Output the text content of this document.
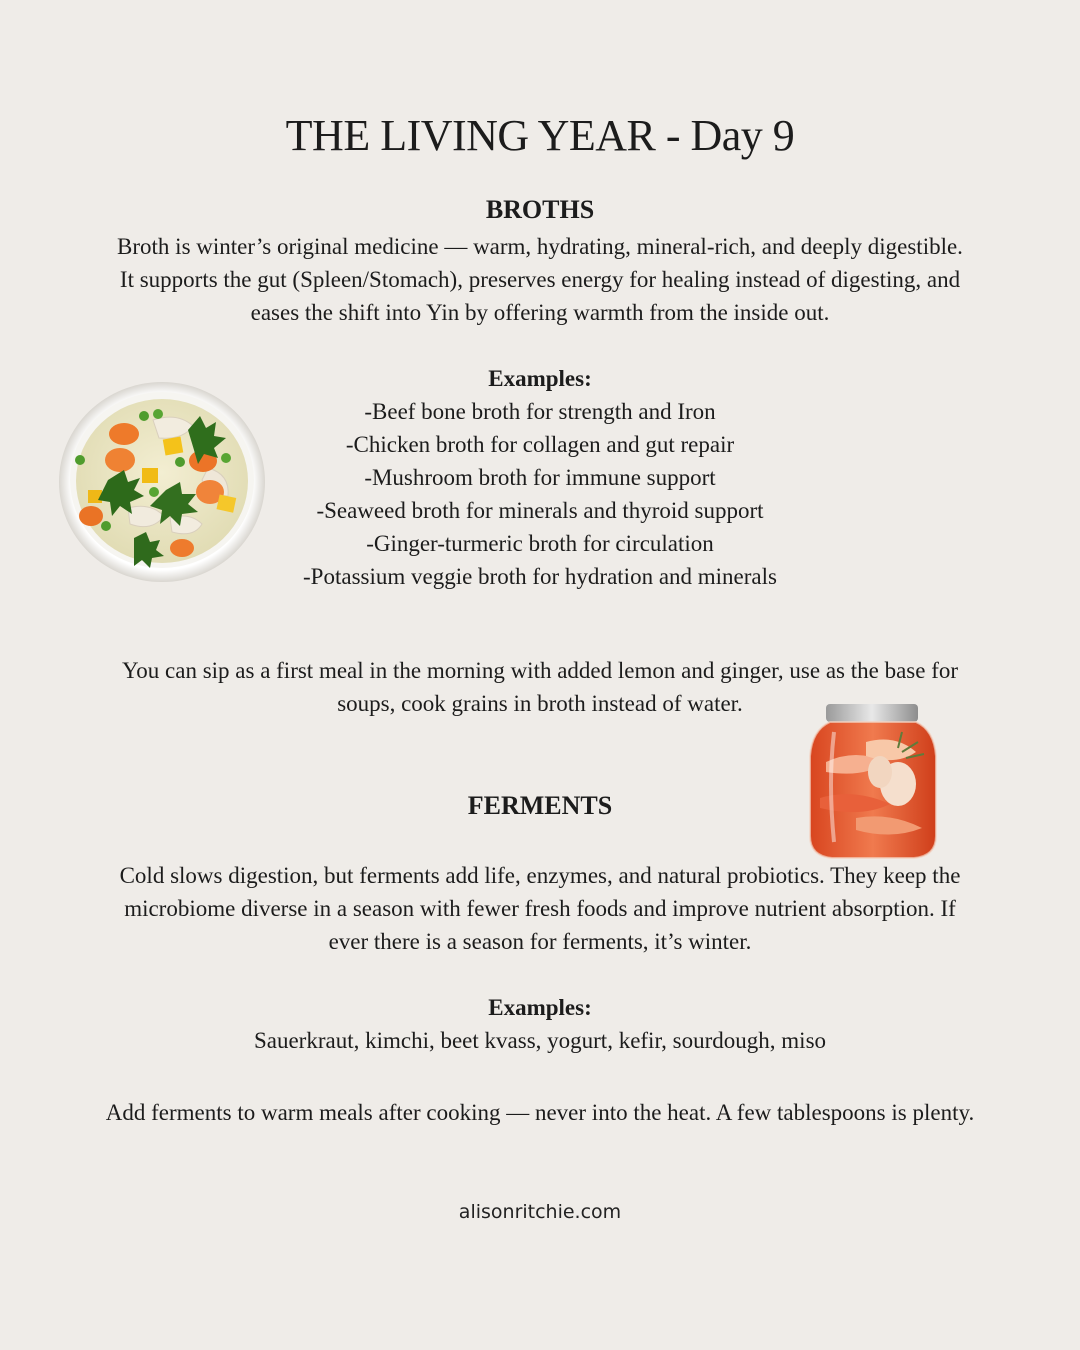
THE LIVING YEAR - Day 9
BROTHS

Broth is winter’s original medicine — warm, hydrating, mineral-rich, and deeply digestible.
It supports the gut (Spleen/Stomach), preserves energy for healing instead of digesting, and
eases the shift into Yin by offering warmth from the inside out.

Examples:

-Beef bone broth for strength and Iron
-Chicken broth for collagen and gut repair
-Mushroom broth for immune support
-Seaweed broth for minerals and thyroid support
-Ginger-turmeric broth for circulation
-Potassium veggie broth for hydration and minerals

You can sip as a first meal in the morning with added lemon and ginger, use as the base for
soups, cook grains in broth instead of water.

FERMENTS

Cold slows digestion, but ferments add life, enzymes, and natural probiotics. They keep the
microbiome diverse in a season with fewer fresh foods and improve nutrient absorption. If
ever there is a season for ferments, it’s winter.

Examples:

Sauerkraut, kimchi, beet kvass, yogurt, kefir, sourdough, miso

Add ferments to warm meals after cooking — never into the heat. A few tablespoons is plenty.

alisonritchie.com
